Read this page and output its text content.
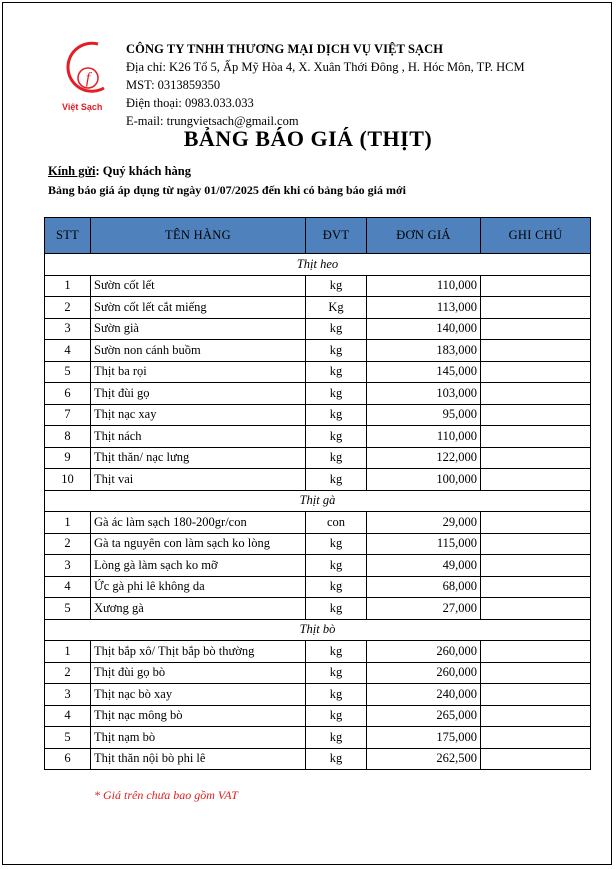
f
Việt Sạch
CÔNG TY TNHH THƯƠNG MẠI DỊCH VỤ VIỆT SẠCH
Địa chỉ: K26 Tổ 5, Ấp Mỹ Hòa 4, X. Xuân Thới Đông , H. Hóc Môn, TP. HCM
MST: 0313859350
Điện thoại: 0983.033.033
E-mail: trungvietsach@gmail.com
BẢNG BÁO GIÁ (THỊT)
Kính gửi: Quý khách hàng
Bảng báo giá áp dụng từ ngày 01/07/2025 đến khi có bảng báo giá mới
STT	TÊN HÀNG	ĐVT	ĐƠN GIÁ	GHI CHÚ
Thịt heo				
1	Sườn cốt lết	kg	110,000	
2	Sườn cốt lết cắt miếng	Kg	113,000	
3	Sườn già	kg	140,000	
4	Sườn non cánh buồm	kg	183,000	
5	Thịt ba rọi	kg	145,000	
6	Thịt đùi gọ	kg	103,000	
7	Thịt nạc xay	kg	95,000	
8	Thịt nách	kg	110,000	
9	Thịt thăn/ nạc lưng	kg	122,000	
10	Thịt vai	kg	100,000	
Thịt gà				
1	Gà ác làm sạch 180-200gr/con	con	29,000	
2	Gà ta nguyên con làm sạch ko lòng	kg	115,000	
3	Lòng gà làm sạch ko mỡ	kg	49,000	
4	Ức gà phi lê không da	kg	68,000	
5	Xương gà	kg	27,000	
Thịt bò				
1	Thịt bắp xô/ Thịt bắp bò thường	kg	260,000	
2	Thịt đùi gọ bò	kg	260,000	
3	Thịt nạc bò xay	kg	240,000	
4	Thịt nạc mông bò	kg	265,000	
5	Thịt nạm bò	kg	175,000	
6	Thịt thăn nội bò phi lê	kg	262,500	
* Giá trên chưa bao gồm VAT
